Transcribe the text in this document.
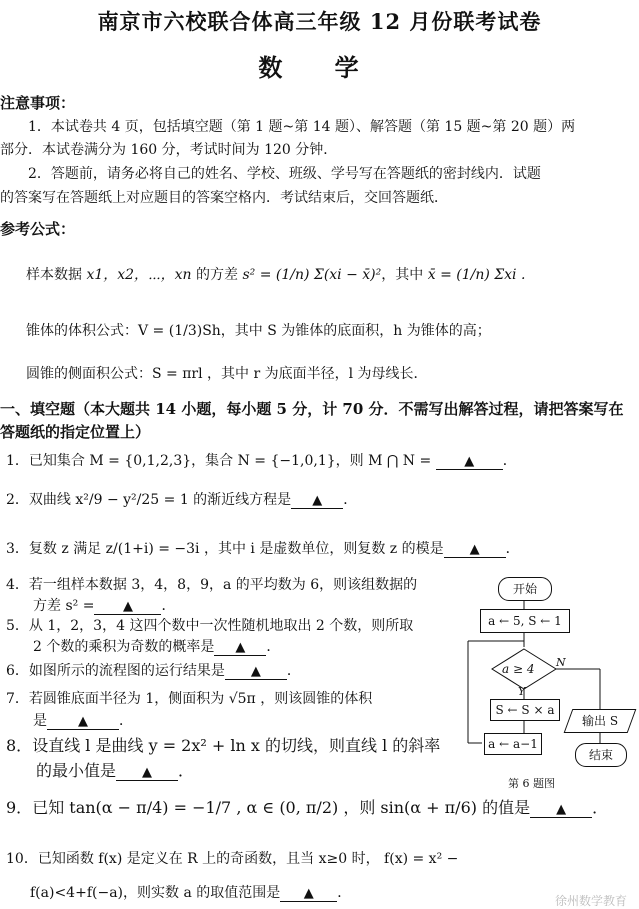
南京市六校联合体高三年级 12 月份联考试卷
数 学
注意事项：
1．本试卷共 4 页，包括填空题（第 1 题~第 14 题）、解答题（第 15 题~第 20 题）两
部分．本试卷满分为 160 分，考试时间为 120 分钟．
2．答题前，请务必将自己的姓名、学校、班级、学号写在答题纸的密封线内．试题
的答案写在答题纸上对应题目的答案空格内．考试结束后，交回答题纸．
参考公式：
样本数据 x1，x2，⋯，xn 的方差 s² = (1/n) Σ(xi − x̄)²，其中 x̄ = (1/n) Σxi .
锥体的体积公式：V = (1/3)Sh，其中 S 为锥体的底面积，h 为锥体的高；
圆锥的侧面积公式：S = πrl ，其中 r 为底面半径，l 为母线长．
一、填空题（本大题共 14 小题，每小题 5 分，计 70 分．不需写出解答过程，请把答案写在
答题纸的指定位置上）
1．已知集合 M = {0,1,2,3}，集合 N = {−1,0,1}，则 M ⋂ N = ▲ ．
2．双曲线 x²/9 − y²/25 = 1 的渐近线方程是 ▲ ．
3．复数 z 满足 z/(1+i) = −3i ，其中 i 是虚数单位，则复数 z 的模是 ▲ ．
4．若一组样本数据 3，4，8，9，a 的平均数为 6，则该组数据的
方差 s² = ▲ ．
5．从 1，2，3，4 这四个数中一次性随机地取出 2 个数，则所取
2 个数的乘积为奇数的概率是 ▲ ．
6．如图所示的流程图的运行结果是 ▲ ．
7．若圆锥底面半径为 1，侧面积为 √5π ，则该圆锥的体积
是 ▲ ．
8．设直线 l 是曲线 y = 2x² + ln x 的切线，则直线 l 的斜率
的最小值是 ▲ ．
9．已知 tan(α − π/4) = −1/7 , α ∈ (0, π/2) ，则 sin(α + π/6) 的值是 ▲ ．
10．已知函数 f(x) 是定义在 R 上的奇函数，且当 x≥0 时， f(x) = x² −
f(a)<4+f(−a)，则实数 a 的取值范围是 ▲ ．
开始
a ← 5, S ← 1
a ≥ 4
Y
N
S ← S × a
a ← a−1
输出 S
结束
第 6 题图
徐州数学教育
